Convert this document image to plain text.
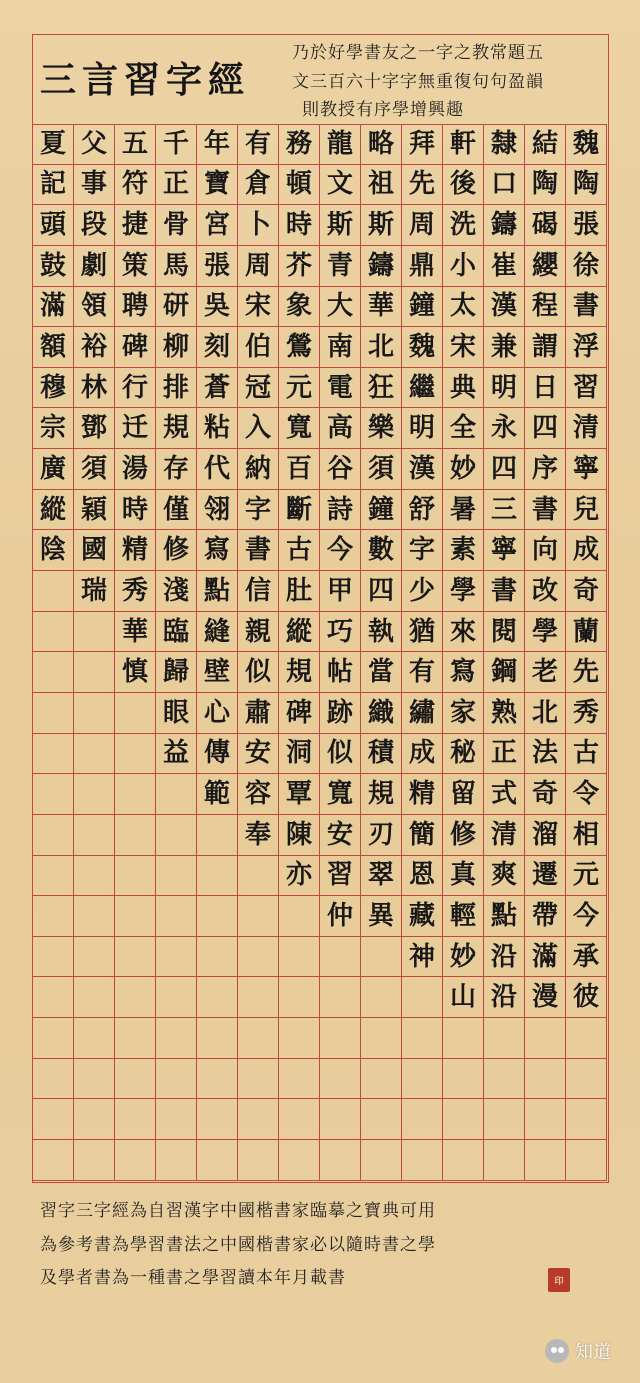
三言習字經
乃於好學書友之一字之教常題五
文三百六十字字無重復句句盈韻
則教授有序學增興趣
夏 父 五 千 年 有 務 龍 略 拜 軒 隸 結 魏
記 事 符 正 寶 倉 頓 文 祖 先 後 口 陶 陶
頭 段 捷 骨 宮 卜 時 斯 斯 周 洗 鑄 碣 張
鼓 劇 策 馬 張 周 芥 青 鑄 鼎 小 崔 纓 徐
滿 領 聘 研 吳 宋 象 大 華 鐘 太 漢 程 書
額 裕 碑 柳 刻 伯 鶯 南 北 魏 宋 兼 謂 浮
穆 林 行 排 蒼 冠 元 電 狂 繼 典 明 日 習
宗 鄧 迁 規 粘 入 寬 高 樂 明 全 永 四 清
廣 須 湯 存 代 納 百 谷 須 漢 妙 四 序 寧
縱 穎 時 僅 翎 字 斷 詩 鐘 舒 暑 三 書 兒
陰 國 精 修 寫 書 古 今 數 字 素 寧 向 成
瑞 秀 淺 點 信 肚 甲 四 少 學 書 改 奇
華 臨 縫 親 縱 巧 執 猶 來 閱 學 蘭
慎 歸 壁 似 規 帖 當 有 寫 鋼 老 先
眼 心 肅 碑 跡 織 繡 家 熟 北 秀
益 傳 安 洞 似 積 成 秘 正 法 古
範 容 覃 寬 規 精 留 式 奇 令
奉 陳 安 刃 簡 修 清 溜 相
亦 習 翠 恩 真 爽 遷 元
仲 異 藏 輕 點 帶 今
神 妙 沿 滿 承
山 沿 漫 彼
習字三字經為自習漢字中國楷書家臨摹之寶典可用
為參考書為學習書法之中國楷書家必以隨時書之學
及學者書為一種書之學習讀本年月載書	印
知道
